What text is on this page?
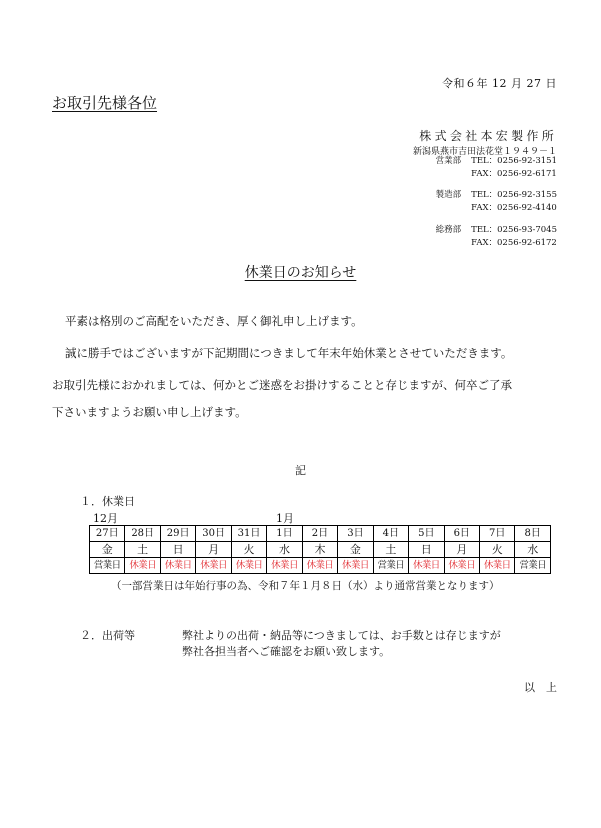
令和６年 12 月 27 日
お取引先様各位
株式会社本宏製作所
新潟県燕市吉田法花堂１９４９－１
営業部 TEL：0256-92-3151
FAX：0256-92-6171
製造部 TEL：0256-92-3155
FAX：0256-92-4140
総務部 TEL：0256-93-7045
FAX：0256-92-6172
休業日のお知らせ
平素は格別のご高配をいただき、厚く御礼申し上げます。
誠に勝手ではございますが下記期間につきまして年末年始休業とさせていただきます。
お取引先様におかれましては、何かとご迷惑をお掛けすることと存じますが、何卒ご了承
下さいますようお願い申し上げます。
記
１．休業日
12月	1月
27日	28日	29日	30日	31日	1日	2日	3日	4日	5日	6日	7日	8日
金	土	日	月	火	水	木	金	土	日	月	火	水
営業日	休業日	休業日	休業日	休業日	休業日	休業日	休業日	営業日	休業日	休業日	休業日	営業日
（一部営業日は年始行事の為、令和７年１月８日（水）より通常営業となります）
２．出荷等	弊社よりの出荷・納品等につきましては、お手数とは存じますが
弊社各担当者へご確認をお願い致します。
以　上
